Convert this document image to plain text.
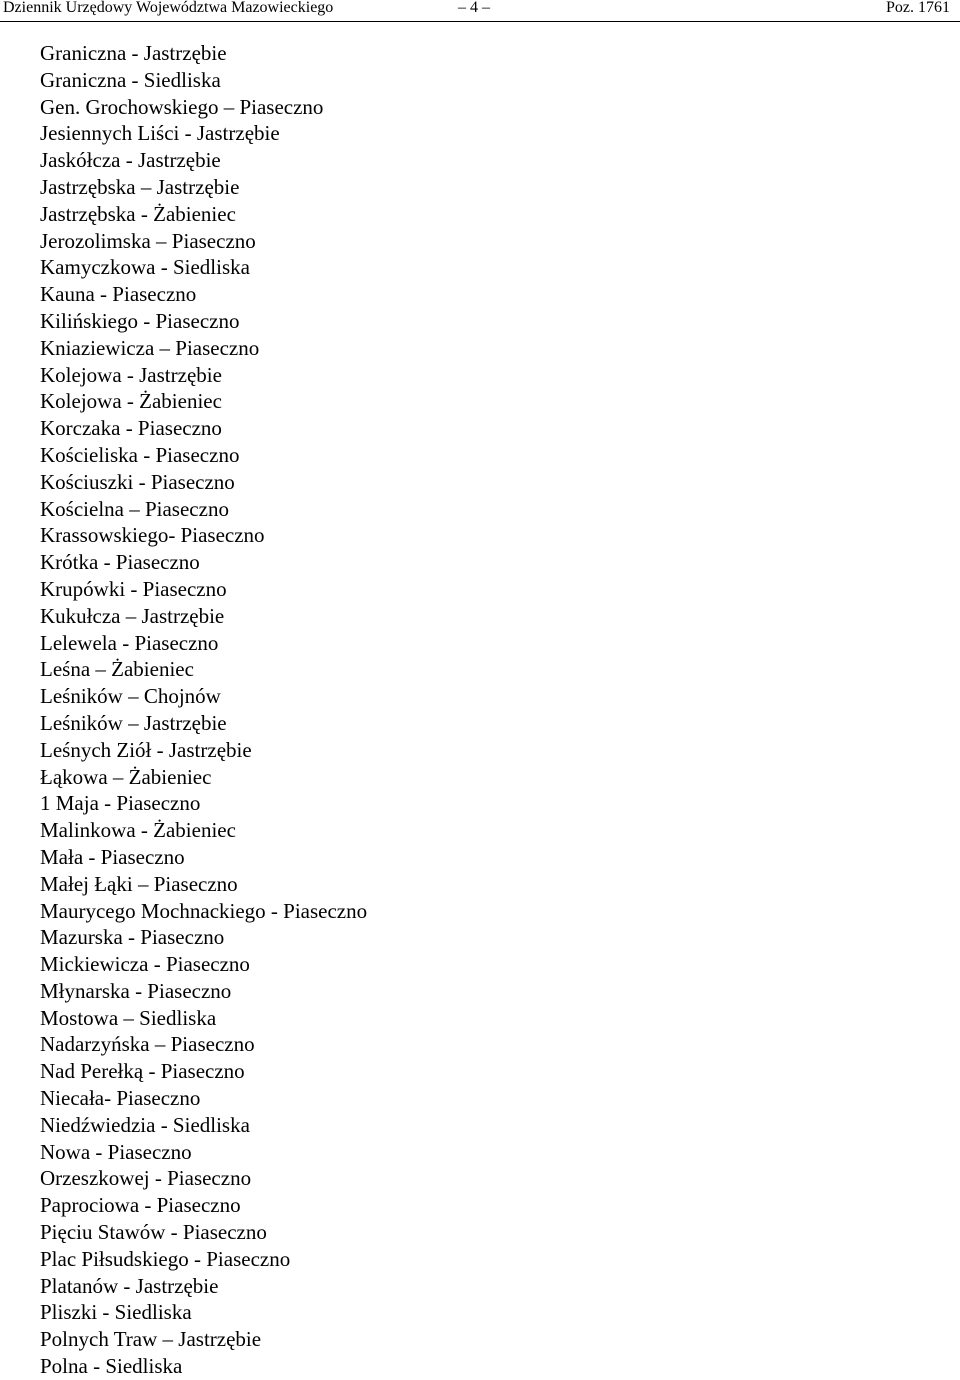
Dziennik Urzędowy Województwa Mazowieckiego	– 4 –	Poz. 1761
Graniczna - Jastrzębie
Graniczna - Siedliska
Gen. Grochowskiego – Piaseczno
Jesiennych Liści - Jastrzębie
Jaskółcza - Jastrzębie
Jastrzębska – Jastrzębie
Jastrzębska - Żabieniec
Jerozolimska – Piaseczno
Kamyczkowa - Siedliska
Kauna - Piaseczno
Kilińskiego - Piaseczno
Kniaziewicza – Piaseczno
Kolejowa - Jastrzębie
Kolejowa - Żabieniec
Korczaka - Piaseczno
Kościeliska - Piaseczno
Kościuszki - Piaseczno
Kościelna – Piaseczno
Krassowskiego- Piaseczno
Krótka - Piaseczno
Krupówki - Piaseczno
Kukułcza – Jastrzębie
Lelewela - Piaseczno
Leśna – Żabieniec
Leśników – Chojnów
Leśników – Jastrzębie
Leśnych Ziół - Jastrzębie
Łąkowa – Żabieniec
1 Maja - Piaseczno
Malinkowa - Żabieniec
Mała - Piaseczno
Małej Łąki – Piaseczno
Maurycego Mochnackiego - Piaseczno
Mazurska - Piaseczno
Mickiewicza - Piaseczno
Młynarska - Piaseczno
Mostowa – Siedliska
Nadarzyńska – Piaseczno
Nad Perełką - Piaseczno
Niecała- Piaseczno
Niedźwiedzia - Siedliska
Nowa - Piaseczno
Orzeszkowej - Piaseczno
Paprociowa - Piaseczno
Pięciu Stawów - Piaseczno
Plac Piłsudskiego - Piaseczno
Platanów - Jastrzębie
Pliszki - Siedliska
Polnych Traw – Jastrzębie
Polna - Siedliska
